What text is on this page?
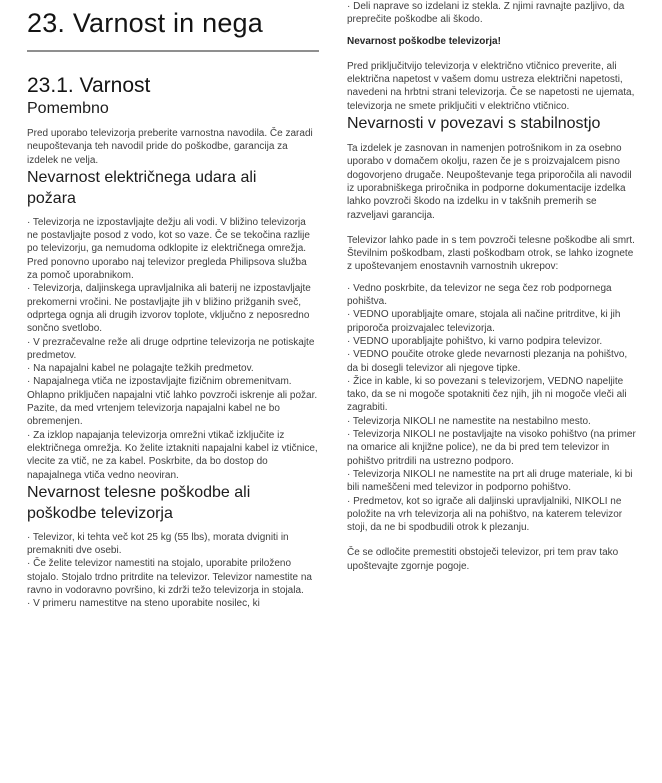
23. Varnost in nega
23.1. Varnost
Pomembno

Pred uporabo televizorja preberite varnostna navodila. Če zaradi neupoštevanja teh navodil pride do poškodbe, garancija za izdelek ne velja.

Nevarnost električnega udara ali požara

· Televizorja ne izpostavljajte dežju ali vodi. V bližino televizorja ne postavljajte posod z vodo, kot so vaze. Če se tekočina razlije po televizorju, ga nemudoma odklopite iz električnega omrežja.

Pred ponovno uporabo naj televizor pregleda Philipsova služba za pomoč uporabnikom.

· Televizorja, daljinskega upravljalnika ali baterij ne izpostavljajte prekomerni vročini. Ne postavljajte jih v bližino prižganih sveč, odprtega ognja ali drugih izvorov toplote, vključno z neposredno sončno svetlobo.

· V prezračevalne reže ali druge odprtine televizorja ne potiskajte predmetov.

· Na napajalni kabel ne polagajte težkih predmetov.

· Napajalnega vtiča ne izpostavljajte fizičnim obremenitvam. Ohlapno priključen napajalni vtič lahko povzroči iskrenje ali požar. Pazite, da med vrtenjem televizorja napajalni kabel ne bo obremenjen.

· Za izklop napajanja televizorja omrežni vtikač izključite iz električnega omrežja. Ko želite iztakniti napajalni kabel iz vtičnice, vlecite za vtič, ne za kabel. Poskrbite, da bo dostop do napajalnega vtiča vedno neoviran.

Nevarnost telesne poškodbe ali poškodbe televizorja

· Televizor, ki tehta več kot 25 kg (55 lbs), morata dvigniti in premakniti dve osebi.

· Če želite televizor namestiti na stojalo, uporabite priloženo stojalo. Stojalo trdno pritrdite na televizor. Televizor namestite na ravno in vodoravno površino, ki zdrži težo televizorja in stojala.

· V primeru namestitve na steno uporabite nosilec, ki

· Deli naprave so izdelani iz stekla. Z njimi ravnajte pazljivo, da preprečite poškodbe ali škodo.

Nevarnost poškodbe televizorja!

Pred priključitvijo televizorja v električno vtičnico preverite, ali električna napetost v vašem domu ustreza električni napetosti, navedeni na hrbtni strani televizorja. Če se napetosti ne ujemata, televizorja ne smete priključiti v električno vtičnico.

Nevarnosti v povezavi s stabilnostjo

Ta izdelek je zasnovan in namenjen potrošnikom in za osebno uporabo v domačem okolju, razen če je s proizvajalcem pisno dogovorjeno drugače. Neupoštevanje tega priporočila ali navodil iz uporabniškega priročnika in podporne dokumentacije izdelka lahko povzroči škodo na izdelku in v takšnih premerih se razveljavi garancija.

Televizor lahko pade in s tem povzroči telesne poškodbe ali smrt. Številnim poškodbam, zlasti poškodbam otrok, se lahko izognete z upoštevanjem enostavnih varnostnih ukrepov:

· Vedno poskrbite, da televizor ne sega čez rob podpornega pohištva.

· VEDNO uporabljajte omare, stojala ali načine pritrditve, ki jih priporoča proizvajalec televizorja.

· VEDNO uporabljajte pohištvo, ki varno podpira televizor.

· VEDNO poučite otroke glede nevarnosti plezanja na pohištvo, da bi dosegli televizor ali njegove tipke.

· Žice in kable, ki so povezani s televizorjem, VEDNO napeljite tako, da se ni mogoče spotakniti čez njih, jih ni mogoče vleči ali zagrabiti.

· Televizorja NIKOLI ne namestite na nestabilno mesto.

· Televizorja NIKOLI ne postavljajte na visoko pohištvo (na primer na omarice ali knjižne police), ne da bi pred tem televizor in pohištvo pritrdili na ustrezno podporo.

· Televizorja NIKOLI ne namestite na prt ali druge materiale, ki bi bili nameščeni med televizor in podporno pohištvo.

· Predmetov, kot so igrače ali daljinski upravljalniki, NIKOLI ne položite na vrh televizorja ali na pohištvo, na katerem televizor stoji, da ne bi spodbudili otrok k plezanju.

Če se odločite premestiti obstoječi televizor, pri tem prav tako upoštevajte zgornje pogoje.
